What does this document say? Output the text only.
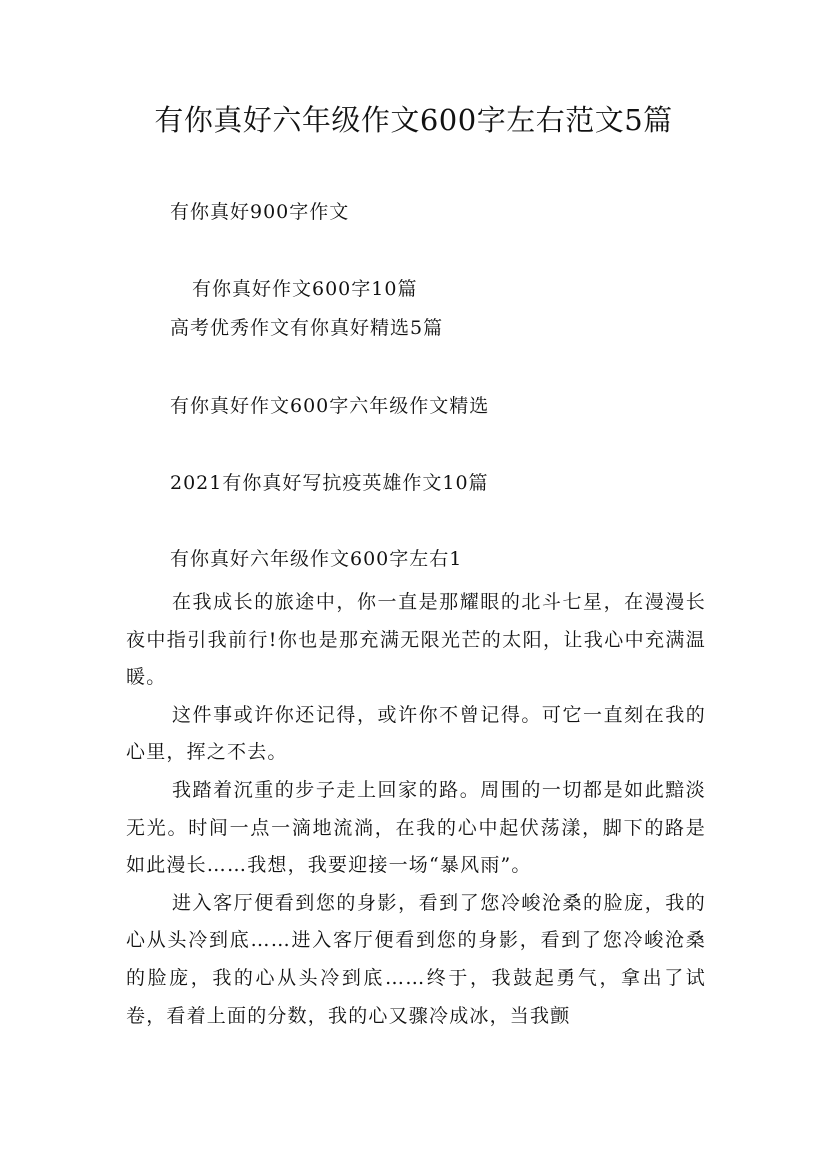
有你真好六年级作文600字左右范文5篇
有你真好900字作文
有你真好作文600字10篇
高考优秀作文有你真好精选5篇
有你真好作文600字六年级作文精选
2021有你真好写抗疫英雄作文10篇
有你真好六年级作文600字左右1

在我成长的旅途中，你一直是那耀眼的北斗七星，在漫漫长夜中指引我前行!你也是那充满无限光芒的太阳，让我心中充满温暖。

这件事或许你还记得，或许你不曾记得。可它一直刻在我的心里，挥之不去。

我踏着沉重的步子走上回家的路。周围的一切都是如此黯淡无光。时间一点一滴地流淌，在我的心中起伏荡漾，脚下的路是如此漫长……我想，我要迎接一场“暴风雨”。

进入客厅便看到您的身影，看到了您冷峻沧桑的脸庞，我的心从头冷到底……进入客厅便看到您的身影，看到了您冷峻沧桑的脸庞，我的心从头冷到底……终于，我鼓起勇气，拿出了试卷，看着上面的分数，我的心又骤冷成冰，当我颤
